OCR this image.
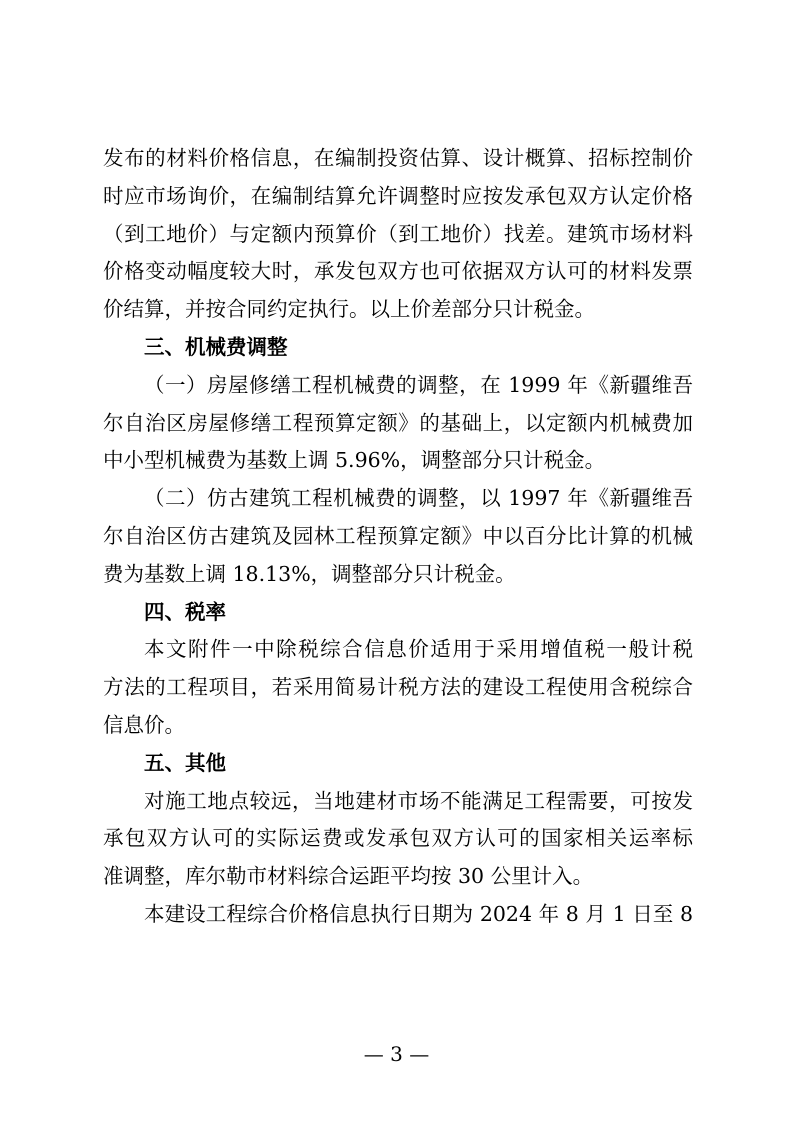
发布的材料价格信息，在编制投资估算、设计概算、招标控制价
时应市场询价，在编制结算允许调整时应按发承包双方认定价格
（到工地价）与定额内预算价（到工地价）找差。建筑市场材料
价格变动幅度较大时，承发包双方也可依据双方认可的材料发票
价结算，并按合同约定执行。以上价差部分只计税金。
三、机械费调整
（一）房屋修缮工程机械费的调整，在 1999 年《新疆维吾
尔自治区房屋修缮工程预算定额》的基础上，以定额内机械费加
中小型机械费为基数上调 5.96%，调整部分只计税金。
（二）仿古建筑工程机械费的调整，以 1997 年《新疆维吾
尔自治区仿古建筑及园林工程预算定额》中以百分比计算的机械
费为基数上调 18.13%，调整部分只计税金。
四、税率
本文附件一中除税综合信息价适用于采用增值税一般计税
方法的工程项目，若采用简易计税方法的建设工程使用含税综合
信息价。
五、其他
对施工地点较远，当地建材市场不能满足工程需要，可按发
承包双方认可的实际运费或发承包双方认可的国家相关运率标
准调整，库尔勒市材料综合运距平均按 30 公里计入。
本建设工程综合价格信息执行日期为 2024 年 8 月 1 日至 8
— 3 —
